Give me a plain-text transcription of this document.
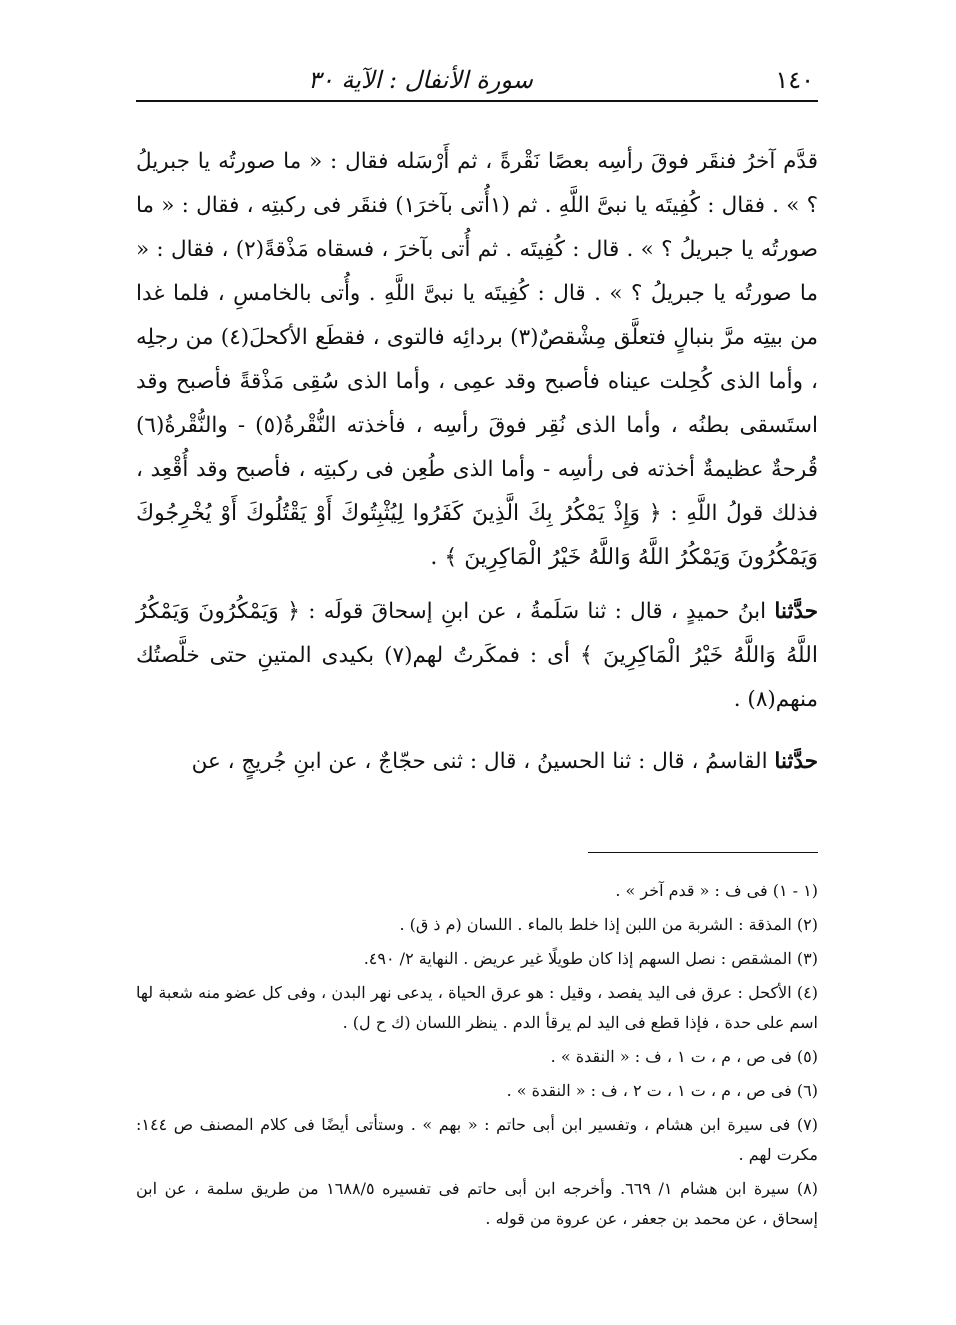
١٤٠
سورة الأنفال : الآية ٣٠

قدَّم آخرُ فنقَر فوقَ رأسِه بعصًا نَقْرةً ، ثم أَرْسَله فقال : « ما صورتُه يا جبريلُ ؟ » . فقال : كُفِيتَه يا نبىَّ اللَّهِ . ثم (١أُتى بآخرَ١) فنقَر فى ركبتِه ، فقال : « ما صورتُه يا جبريلُ ؟ » . قال : كُفِيتَه . ثم أُتى بآخرَ ، فسقاه مَذْقةً(٢) ، فقال : « ما صورتُه يا جبريلُ ؟ » . قال : كُفِيتَه يا نبىَّ اللَّهِ . وأُتى بالخامسِ ، فلما غدا من بيتِه مرَّ بنبالٍ فتعلَّق مِشْقصٌ(٣) بردائِه فالتوى ، فقطَع الأكحلَ(٤) من رجلِه ، وأما الذى كُحِلت عيناه فأصبح وقد عمِى ، وأما الذى سُقِى مَذْقةً فأصبح وقد استَسقى بطنُه ، وأما الذى نُقِر فوقَ رأسِه ، فأخذته النُّقْرةُ(٥) - والنُّقْرةُ(٦) قُرحةٌ عظيمةٌ أخذته فى رأسِه - وأما الذى طُعِن فى ركبتِه ، فأصبح وقد أُقْعِد ، فذلك قولُ اللَّهِ : ﴿ وَإِذْ يَمْكُرُ بِكَ الَّذِينَ كَفَرُوا لِيُثْبِتُوكَ أَوْ يَقْتُلُوكَ أَوْ يُخْرِجُوكَ وَيَمْكُرُونَ وَيَمْكُرُ اللَّهُ وَاللَّهُ خَيْرُ الْمَاكِرِينَ ﴾ .

حدَّثنا ابنُ حميدٍ ، قال : ثنا سَلَمةُ ، عن ابنِ إسحاقَ قولَه : ﴿ وَيَمْكُرُونَ وَيَمْكُرُ اللَّهُ وَاللَّهُ خَيْرُ الْمَاكِرِينَ ﴾ أى : فمكَرتُ لهم(٧) بكيدى المتينِ حتى خلَّصتُك منهم(٨) .

حدَّثنا القاسمُ ، قال : ثنا الحسينُ ، قال : ثنى حجّاجٌ ، عن ابنِ جُريجٍ ، عن

(١ - ١) فى ف : « قدم آخر » .

(٢) المذقة : الشربة من اللبن إذا خلط بالماء . اللسان (م ذ ق) .

(٣) المشقص : نصل السهم إذا كان طويلًا غير عريض . النهاية ٢/ ٤٩٠.

(٤) الأكحل : عرق فى اليد يفصد ، وقيل : هو عرق الحياة ، يدعى نهر البدن ، وفى كل عضو منه شعبة لها اسم على حدة ، فإذا قطع فى اليد لم يرقأ الدم . ينظر اللسان (ك ح ل) .

(٥) فى ص ، م ، ت ١ ، ف : « النقدة » .

(٦) فى ص ، م ، ت ١ ، ت ٢ ، ف : « النقدة » .

(٧) فى سيرة ابن هشام ، وتفسير ابن أبى حاتم : « بهم » . وستأتى أيضًا فى كلام المصنف ص ١٤٤: مكرت لهم .

(٨) سيرة ابن هشام ١/ ٦٦٩. وأخرجه ابن أبى حاتم فى تفسيره ١٦٨٨/٥ من طريق سلمة ، عن ابن إسحاق ، عن محمد بن جعفر ، عن عروة من قوله .
